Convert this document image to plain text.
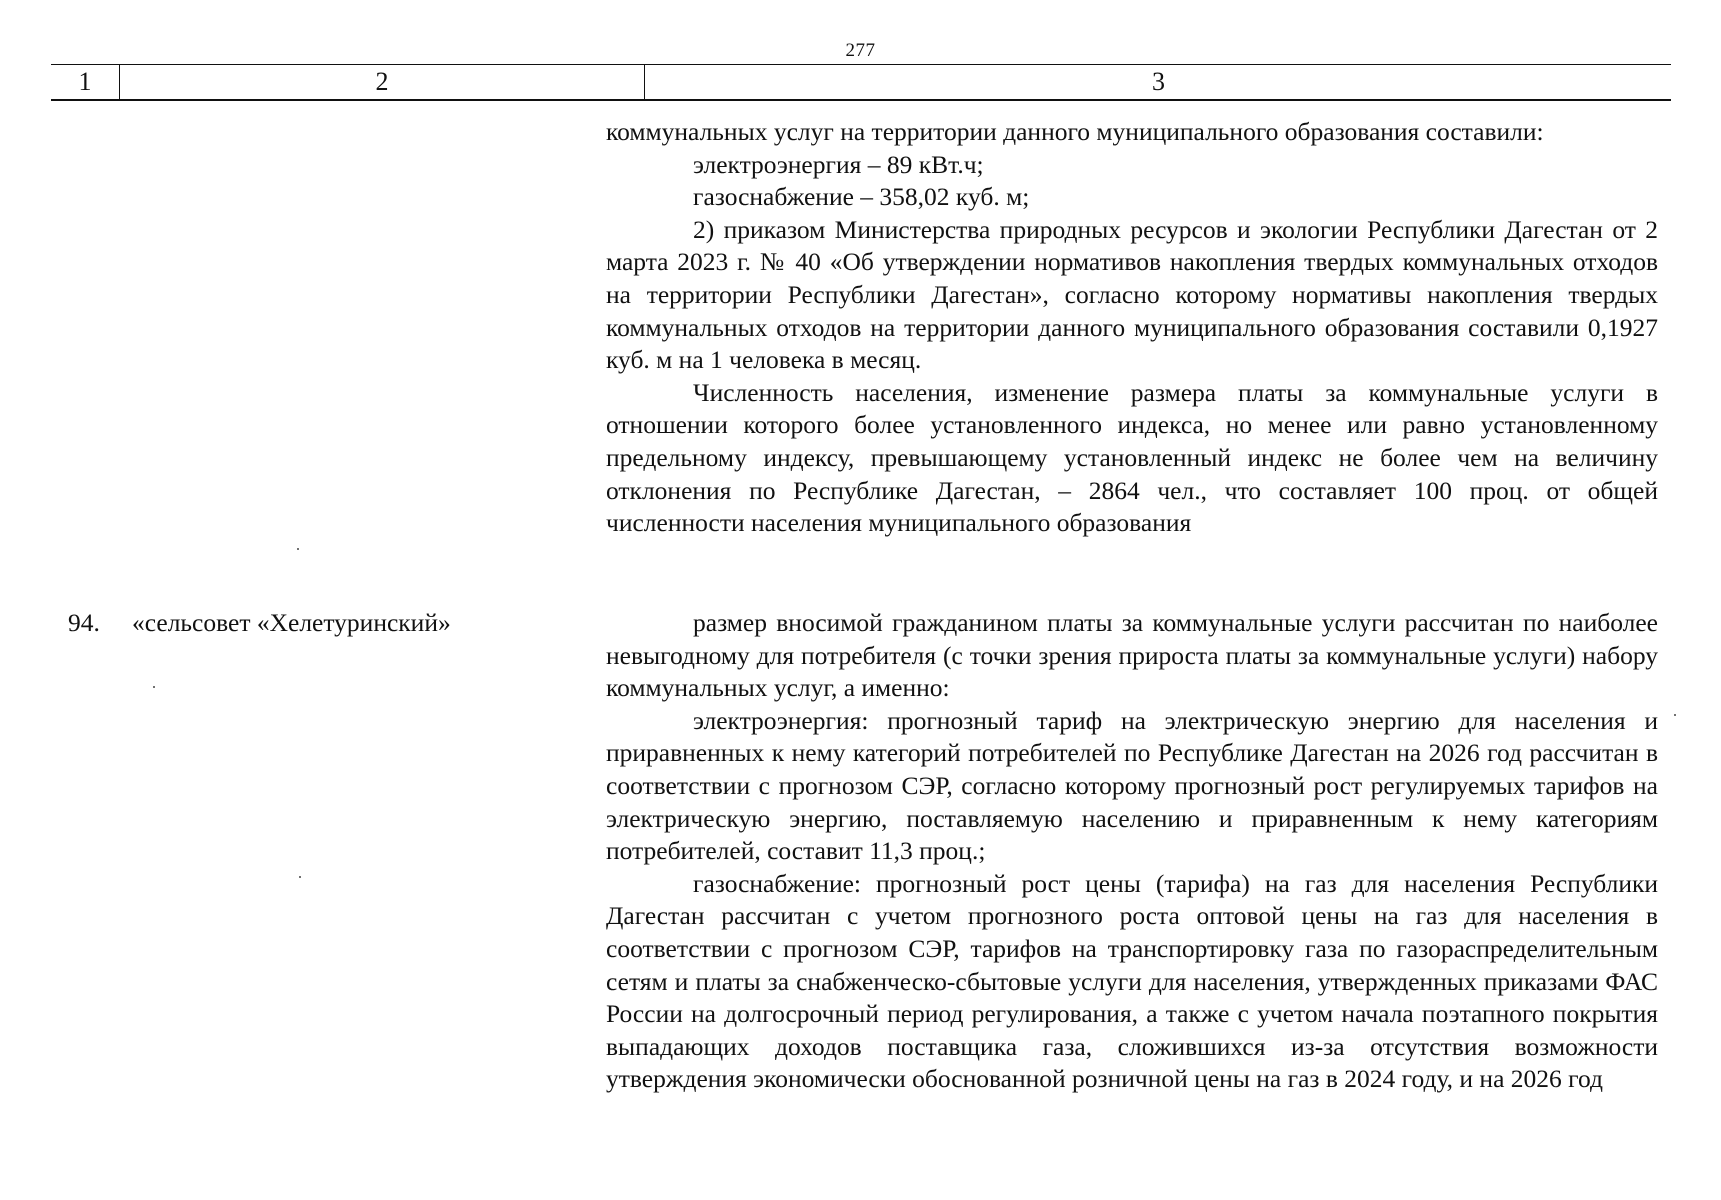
277
1	2	3

коммунальных услуг на территории данного муниципального образования составили:

электроэнергия – 89 кВт.ч;

газоснабжение – 358,02 куб. м;

2) приказом Министерства природных ресурсов и экологии Республики Дагестан от 2 марта 2023 г. № 40 «Об утверждении нормативов накопления твердых коммунальных отходов на территории Республики Дагестан», согласно которому нормативы накопления твердых коммунальных отходов на территории данного муниципального образования составили 0,1927 куб. м на 1 человека в месяц.

Численность населения, изменение размера платы за коммунальные услуги в отношении которого более установленного индекса, но менее или равно установленному предельному индексу, превышающему установленный индекс не более чем на величину отклонения по Республике Дагестан, – 2864 чел., что составляет 100 проц. от общей численности населения муниципального образования

94. «сельсовет «Хелетуринский»	размер вносимой гражданином платы за коммунальные услуги рассчитан по наиболее невыгодному для потребителя (с точки зрения прироста платы за коммунальные услуги) набору коммунальных услуг, а именно:

электроэнергия: прогнозный тариф на электрическую энергию для населения и приравненных к нему категорий потребителей по Республике Дагестан на 2026 год рассчитан в соответствии с прогнозом СЭР, согласно которому прогнозный рост регулируемых тарифов на электрическую энергию, поставляемую населению и приравненным к нему категориям потребителей, составит 11,3 проц.;

газоснабжение: прогнозный рост цены (тарифа) на газ для населения Республики Дагестан рассчитан с учетом прогнозного роста оптовой цены на газ для населения в соответствии с прогнозом СЭР, тарифов на транспортировку газа по газораспределительным сетям и платы за снабженческо-сбытовые услуги для населения, утвержденных приказами ФАС России на долгосрочный период регулирования, а также с учетом начала поэтапного покрытия выпадающих доходов поставщика газа, сложившихся из-за отсутствия возможности утверждения экономически обоснованной розничной цены на газ в 2024 году, и на 2026 год
